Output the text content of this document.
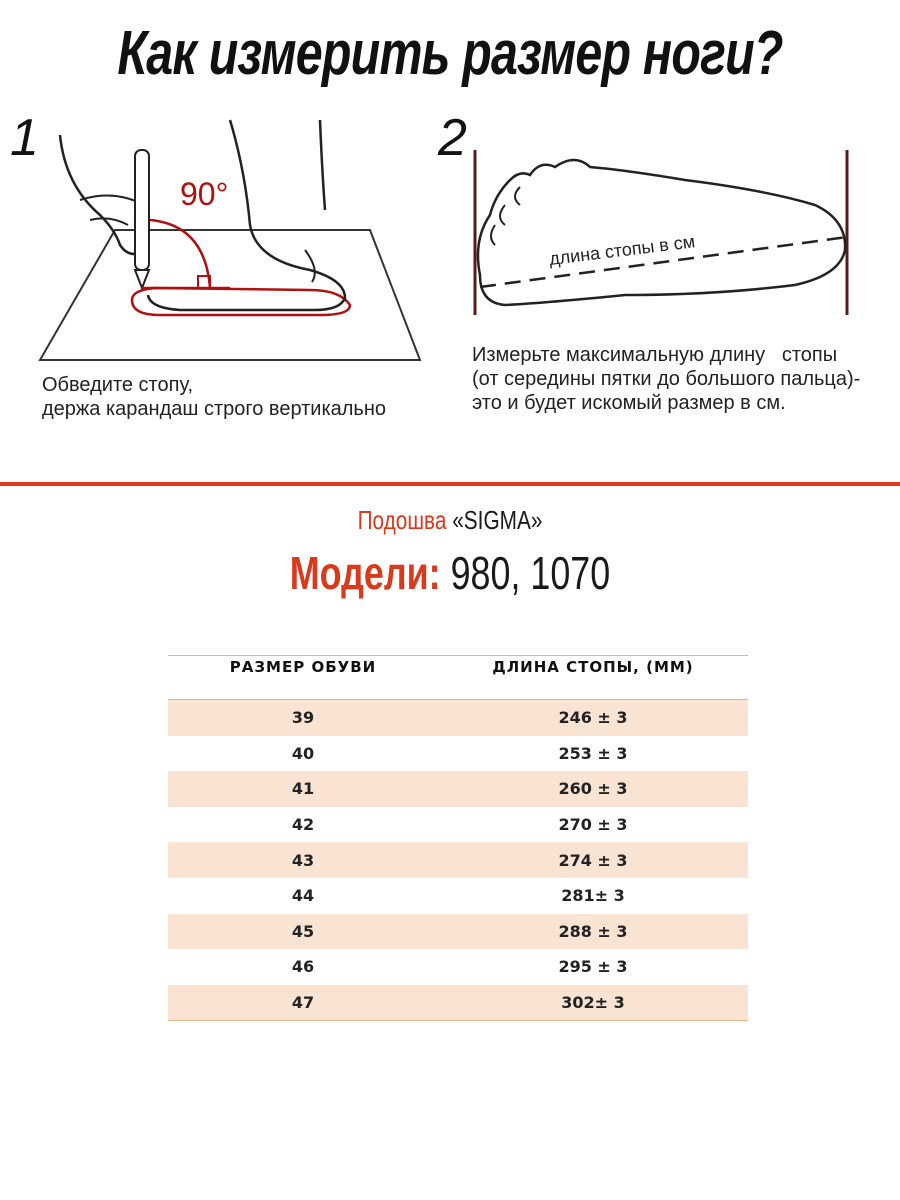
Как измерить размер ноги?
1
90°
Обведите стопу,
держа карандаш строго вертикально
2
длина стопы в см
Измерьте максимальную длину   стопы
(от середины пятки до большого пальца)-
это и будет искомый размер в см.
Подошва «SIGMA»
Модели: 980, 1070
РАЗМЕР ОБУВИ	ДЛИНА СТОПЫ, (ММ)
39	246 ± 3
40	253 ± 3
41	260 ± 3
42	270 ± 3
43	274 ± 3
44	281± 3
45	288 ± 3
46	295 ± 3
47	302± 3
